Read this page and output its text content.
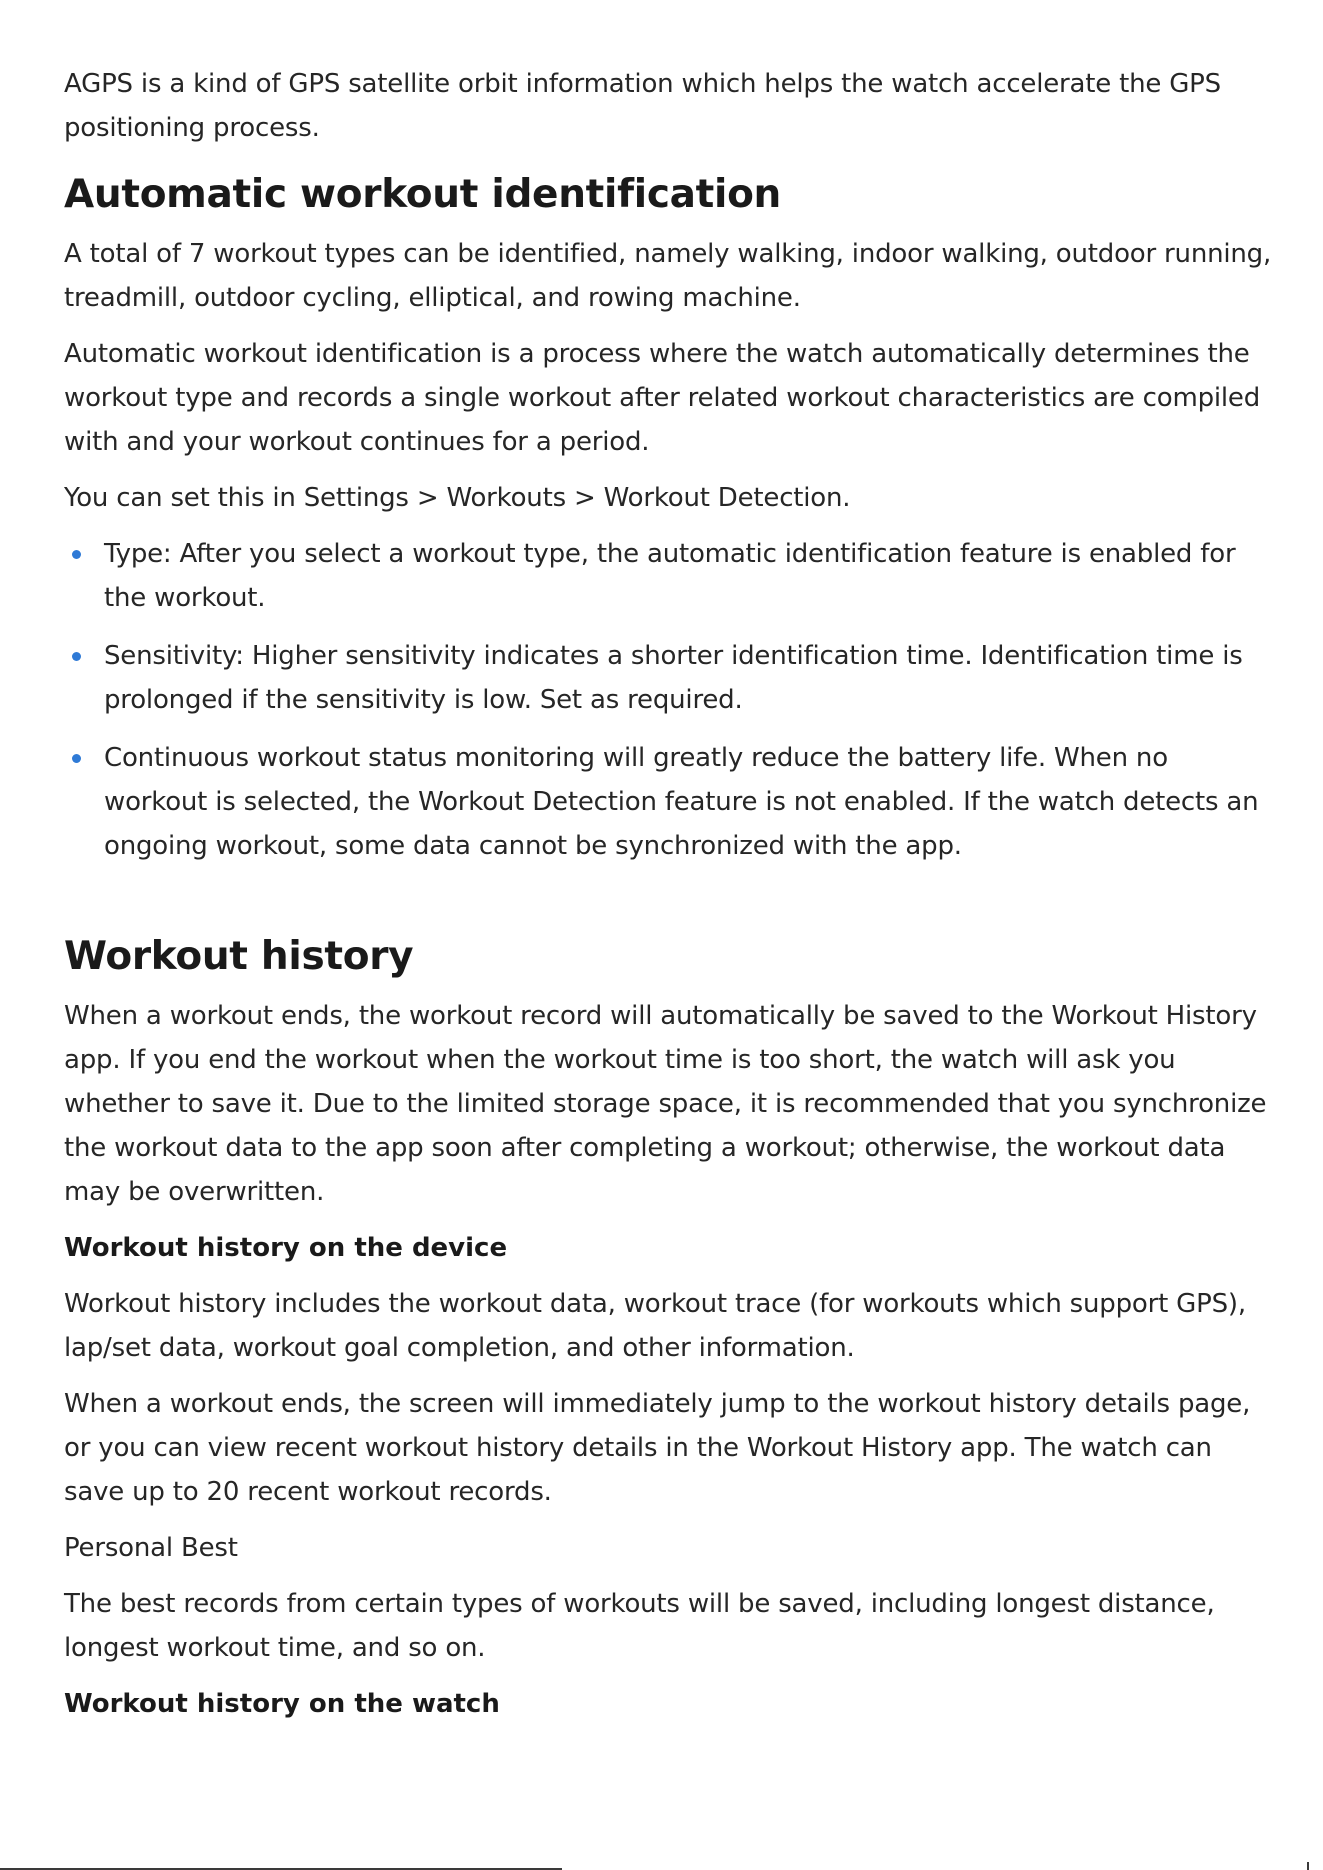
AGPS is a kind of GPS satellite orbit information which helps the watch accelerate the GPS positioning process.

Automatic workout identification

A total of 7 workout types can be identified, namely walking, indoor walking, outdoor running, treadmill, outdoor cycling, elliptical, and rowing machine.

Automatic workout identification is a process where the watch automatically determines the workout type and records a single workout after related workout characteristics are compiled with and your workout continues for a period.

You can set this in Settings > Workouts > Workout Detection.

Type: After you select a workout type, the automatic identification feature is enabled for the workout.
Sensitivity: Higher sensitivity indicates a shorter identification time. Identification time is prolonged if the sensitivity is low. Set as required.
Continuous workout status monitoring will greatly reduce the battery life. When no workout is selected, the Workout Detection feature is not enabled. If the watch detects an ongoing workout, some data cannot be synchronized with the app.
Workout history

When a workout ends, the workout record will automatically be saved to the Workout History app. If you end the workout when the workout time is too short, the watch will ask you whether to save it. Due to the limited storage space, it is recommended that you synchronize the workout data to the app soon after completing a workout; otherwise, the workout data may be overwritten.

Workout history on the device

Workout history includes the workout data, workout trace (for workouts which support GPS), lap/set data, workout goal completion, and other information.

When a workout ends, the screen will immediately jump to the workout history details page, or you can view recent workout history details in the Workout History app. The watch can save up to 20 recent workout records.

Personal Best

The best records from certain types of workouts will be saved, including longest distance, longest workout time, and so on.

Workout history on the watch
